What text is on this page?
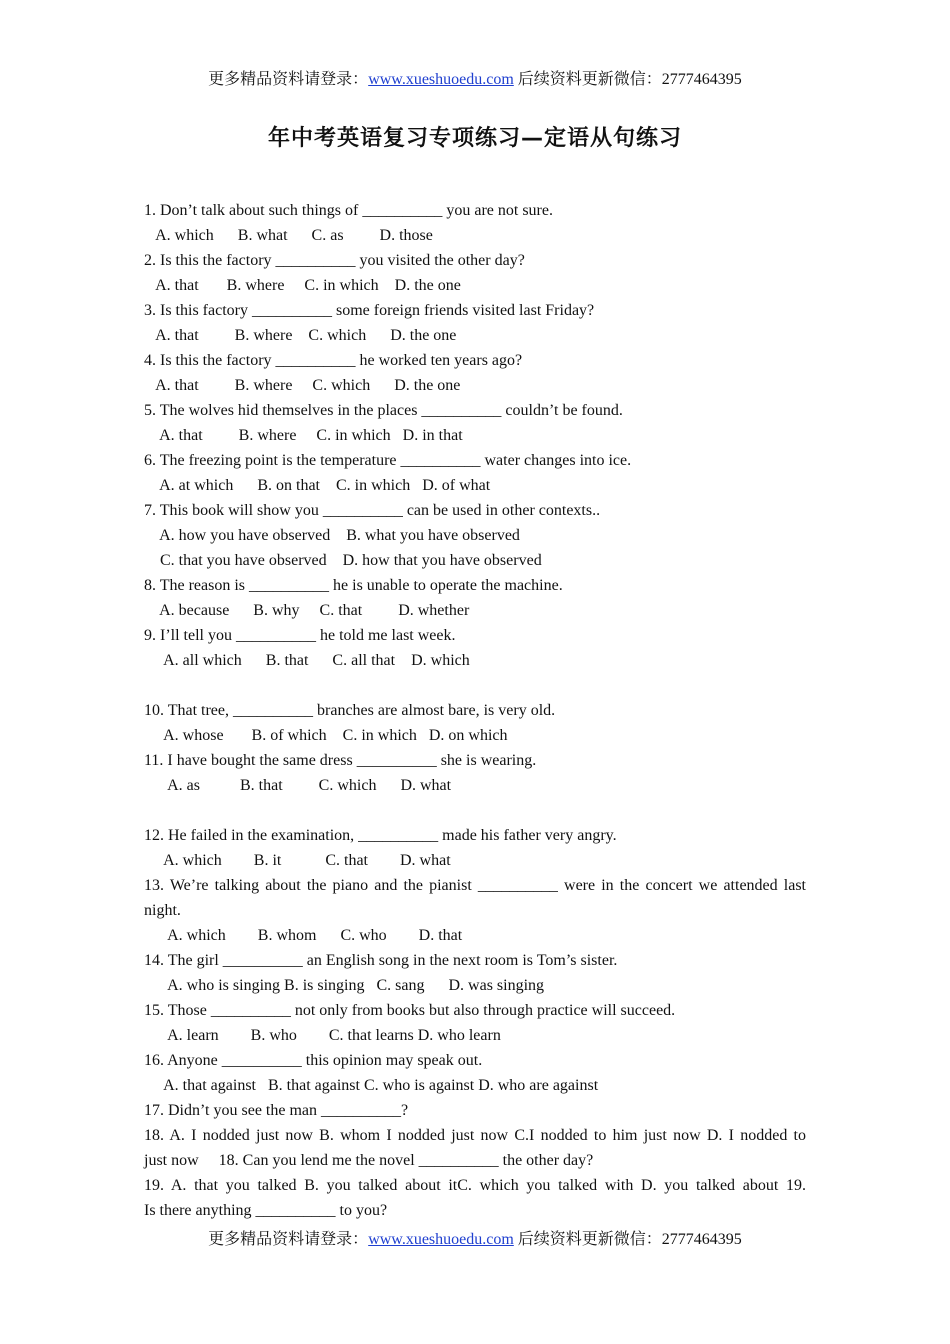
更多精品资料请登录：www.xueshuoedu.com 后续资料更新微信：2777464395
年中考英语复习专项练习—定语从句练习
1. Don’t talk about such things of __________ you are not sure.
A. which      B. what      C. as         D. those
2. Is this the factory __________ you visited the other day?
A. that       B. where     C. in which    D. the one
3. Is this factory __________ some foreign friends visited last Friday?
A. that         B. where    C. which      D. the one
4. Is this the factory __________ he worked ten years ago?
A. that         B. where     C. which      D. the one
5. The wolves hid themselves in the places __________ couldn’t be found.
A. that         B. where     C. in which   D. in that
6. The freezing point is the temperature __________ water changes into ice.
A. at which      B. on that    C. in which   D. of what
7. This book will show you __________ can be used in other contexts..
A. how you have observed    B. what you have observed
C. that you have observed    D. how that you have observed
8. The reason is __________ he is unable to operate the machine.
A. because      B. why     C. that         D. whether
9. I’ll tell you __________ he told me last week.
A. all which      B. that      C. all that    D. which
10. That tree, __________ branches are almost bare, is very old.
A. whose       B. of which    C. in which   D. on which
11. I have bought the same dress __________ she is wearing.
A. as          B. that         C. which      D. what
12. He failed in the examination, __________ made his father very angry.
A. which        B. it           C. that        D. what
13. We’re talking about the piano and the pianist __________ were in the concert we attended last
night.
A. which        B. whom      C. who        D. that
14. The girl __________ an English song in the next room is Tom’s sister.
A. who is singing B. is singing   C. sang      D. was singing
15. Those __________ not only from books but also through practice will succeed.
A. learn        B. who        C. that learns D. who learn
16. Anyone __________ this opinion may speak out.
A. that against   B. that against C. who is against D. who are against
17. Didn’t you see the man __________?
18. A. I nodded just now B. whom I nodded just now C.I nodded to him just now D. I nodded to
just now     18. Can you lend me the novel __________ the other day?
19. A. that you talked B. you talked about itC. which you talked with D. you talked about 19.
Is there anything __________ to you?
更多精品资料请登录：www.xueshuoedu.com 后续资料更新微信：2777464395
